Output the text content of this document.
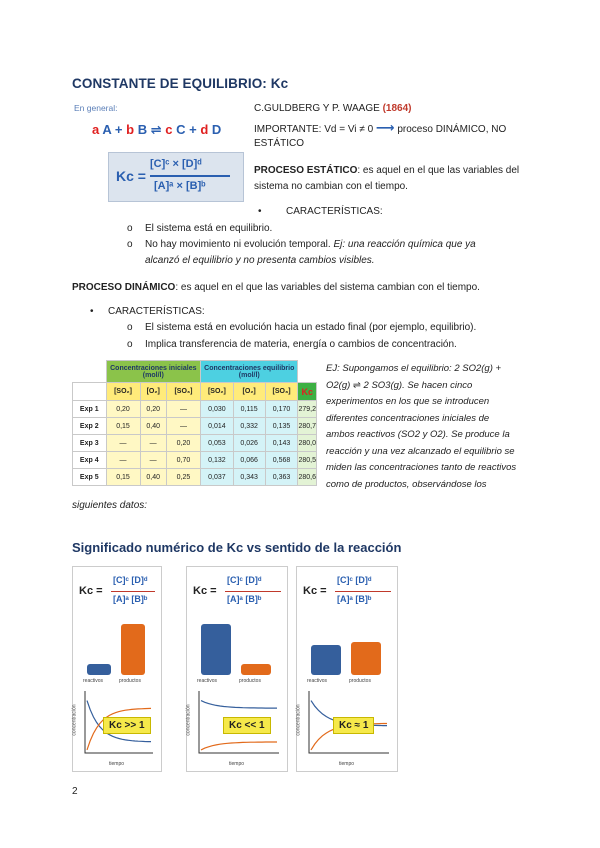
CONSTANTE DE EQUILIBRIO: Kc
En general:
a A + b B ⇌ c C + d D
Kc =
[C]ᶜ × [D]ᵈ
[A]ᵃ × [B]ᵇ
C.GULDBERG Y P. WAAGE (1864)
IMPORTANTE: Vd = Vi ≠ 0 ⟶ proceso DINÁMICO, NO
ESTÁTICO
PROCESO ESTÁTICO: es aquel en el que las variables del
sistema no cambian con el tiempo.
• CARACTERÍSTICAS:
o El sistema está en equilibrio.
o No hay movimiento ni evolución temporal. Ej: una reacción química que ya
alcanzó el equilibrio y no presenta cambios visibles.
PROCESO DINÁMICO: es aquel en el que las variables del sistema cambian con el tiempo.
• CARACTERÍSTICAS:
o El sistema está en evolución hacia un estado final (por ejemplo, equilibrio).
o Implica transferencia de materia, energía o cambios de concentración.
	Concentraciones iniciales (mol/l)			Concentraciones equilibrio (mol/l)			
	[SO₂]	[O₂]	[SO₃]	[SO₂]	[O₂]	[SO₃]	Kc
Exp 1	0,20	0,20	—	0,030	0,115	0,170	279,2
Exp 2	0,15	0,40	—	0,014	0,332	0,135	280,7
Exp 3	—	—	0,20	0,053	0,026	0,143	280,0
Exp 4	—	—	0,70	0,132	0,066	0,568	280,5
Exp 5	0,15	0,40	0,25	0,037	0,343	0,363	280,6
EJ: Supongamos el equilibrio: 2 SO2(g) +
O2(g) ⇌ 2 SO3(g). Se hacen cinco
experimentos en los que se introducen
diferentes concentraciones iniciales de
ambos reactivos (SO2 y O2). Se produce la
reacción y una vez alcanzado el equilibrio se
miden las concentraciones tanto de reactivos
como de productos, observándose los
siguientes datos:
Significado numérico de Kc vs sentido de la reacción
Kc =
[C]ᶜ [D]ᵈ
[A]ᵃ [B]ᵇ
reactivos	productos
Kc >> 1
tiempo
concentración
Kc =
[C]ᶜ [D]ᵈ
[A]ᵃ [B]ᵇ
reactivos	productos
Kc << 1
tiempo
concentración
Kc =
[C]ᶜ [D]ᵈ
[A]ᵃ [B]ᵇ
reactivos	productos
Kc ≈ 1
tiempo
concentración
2
